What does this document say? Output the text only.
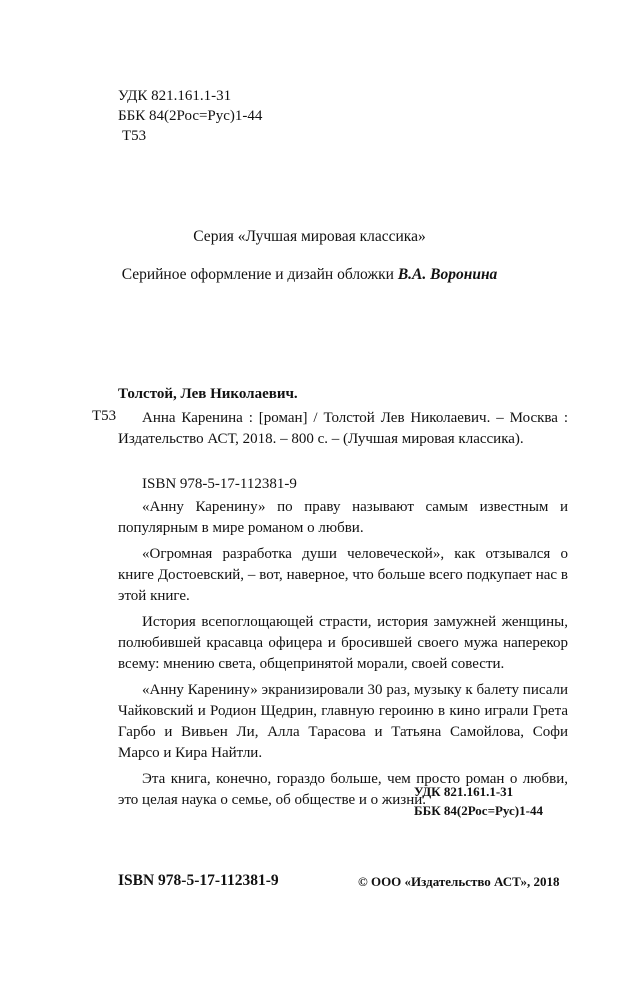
УДК 821.161.1-31
ББК 84(2Рос=Рус)1-44
Т53
Серия «Лучшая мировая классика»
Серийное оформление и дизайн обложки В.А. Воронина
Толстой, Лев Николаевич.
Т53	Анна Каренина : [роман] / Толстой Лев Николаевич. – Москва : Издательство АСТ, 2018. – 800 с. – (Лучшая мировая классика).
ISBN 978-5-17-112381-9

«Анну Каренину» по праву называют самым известным и популярным в мире романом о любви.

«Огромная разработка души человеческой», как отзывался о книге Достоевский, – вот, наверное, что больше всего подкупает нас в этой книге.

История всепоглощающей страсти, история замужней женщины, полюбившей красавца офицера и бросившей своего мужа наперекор всему: мнению света, общепринятой морали, своей совести.

«Анну Каренину» экранизировали 30 раз, музыку к балету писали Чайковский и Родион Щедрин, главную героиню в кино играли Грета Гарбо и Вивьен Ли, Алла Тарасова и Татьяна Самойлова, Софи Марсо и Кира Найтли.

Эта книга, конечно, гораздо больше, чем просто роман о любви, это целая наука о семье, об обществе и о жизни.

УДК 821.161.1-31
ББК 84(2Рос=Рус)1-44
ISBN 978-5-17-112381-9	© ООО «Издательство АСТ», 2018
